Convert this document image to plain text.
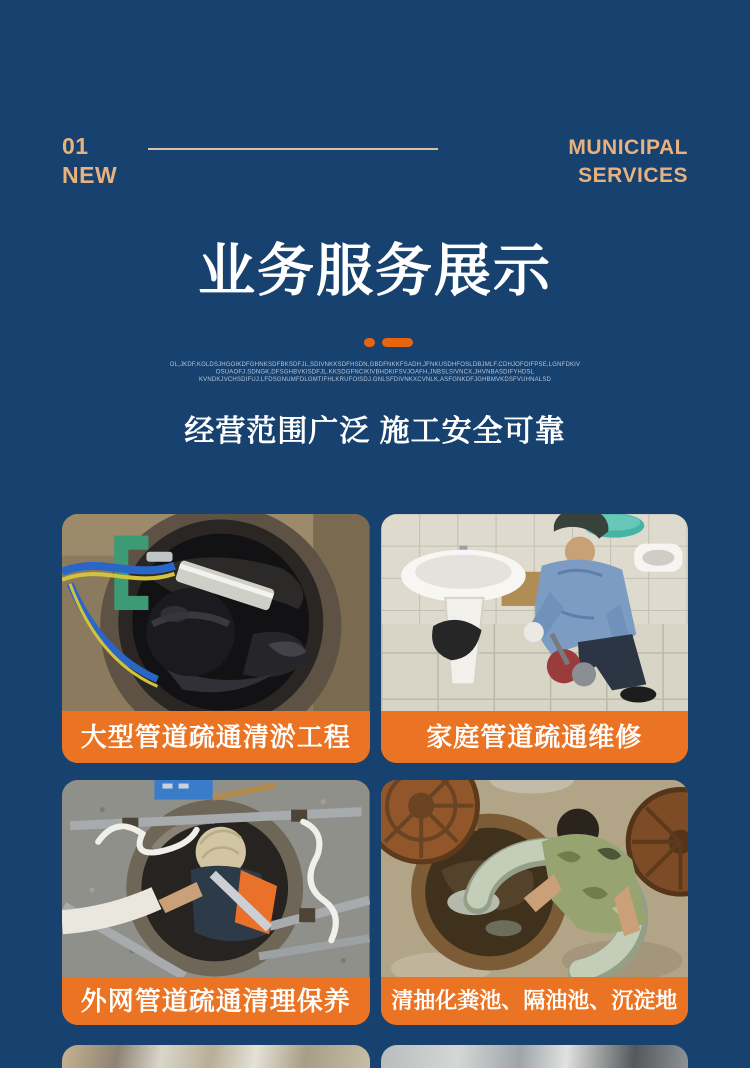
01
NEW
MUNICIPAL
SERVICES
业务服务展示
OL,JKDF,KGLDSJHGOIKDFGHNKSDFBKSDFJL,SDIVNKKSDFHSDN,GBDFNKKFSADH,JFNKUSDHFOSLDBJMLF.CDHJOFOIFPSE,LGNFDKIV
OSUAOFJ.SDNGK,DFSGHBVKISDFJL.KKSDGFNCIKIVBHDKIFSVJOAFH,JNBSLSIVNCX,JHVNBASDIFYHDSL
KVNDKJVCHSDIFUJ.LFDSGNUMFDLGMTIFHLKRUFOISDJ.GNLSFDIVNKXCVNLK,ASFGNKDFJGHBMVKDSFVUHNALSD
经营范围广泛 施工安全可靠
大型管道疏通清淤工程	家庭管道疏通维修
外网管道疏通清理保养	清抽化粪池、隔油池、沉淀地
